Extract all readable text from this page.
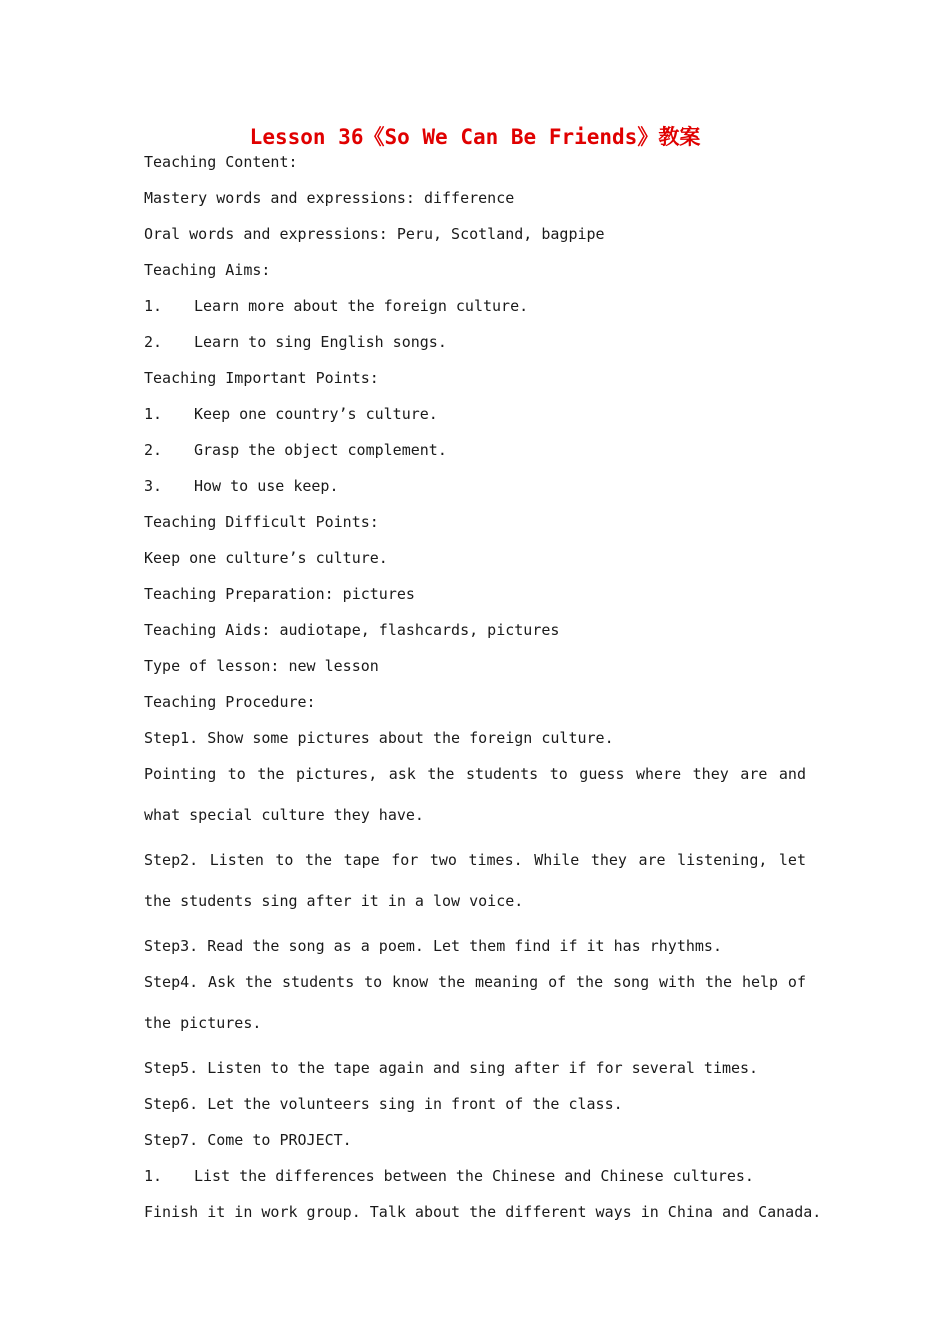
Lesson 36《So We Can Be Friends》教案

Teaching Content:

Mastery words and expressions: difference

Oral words and expressions: Peru, Scotland, bagpipe

Teaching Aims:

1. Learn more about the foreign culture.

2. Learn to sing English songs.

Teaching Important Points:

1. Keep one country’s culture.

2. Grasp the object complement.

3. How to use keep.

Teaching Difficult Points:

Keep one culture’s culture.

Teaching Preparation: pictures

Teaching Aids: audiotape, flashcards, pictures

Type of lesson: new lesson

Teaching Procedure:

Step1. Show some pictures about the foreign culture.

Pointing to the pictures, ask the students to guess where they are and what special culture they have.

Step2. Listen to the tape for two times. While they are listening, let the students sing after it in a low voice.

Step3. Read the song as a poem. Let them find if it has rhythms.

Step4. Ask the students to know the meaning of the song with the help of the pictures.

Step5. Listen to the tape again and sing after if for several times.

Step6. Let the volunteers sing in front of the class.

Step7. Come to PROJECT.

1. List the differences between the Chinese and Chinese cultures.

Finish it in work group. Talk about the different ways in China and Canada.
